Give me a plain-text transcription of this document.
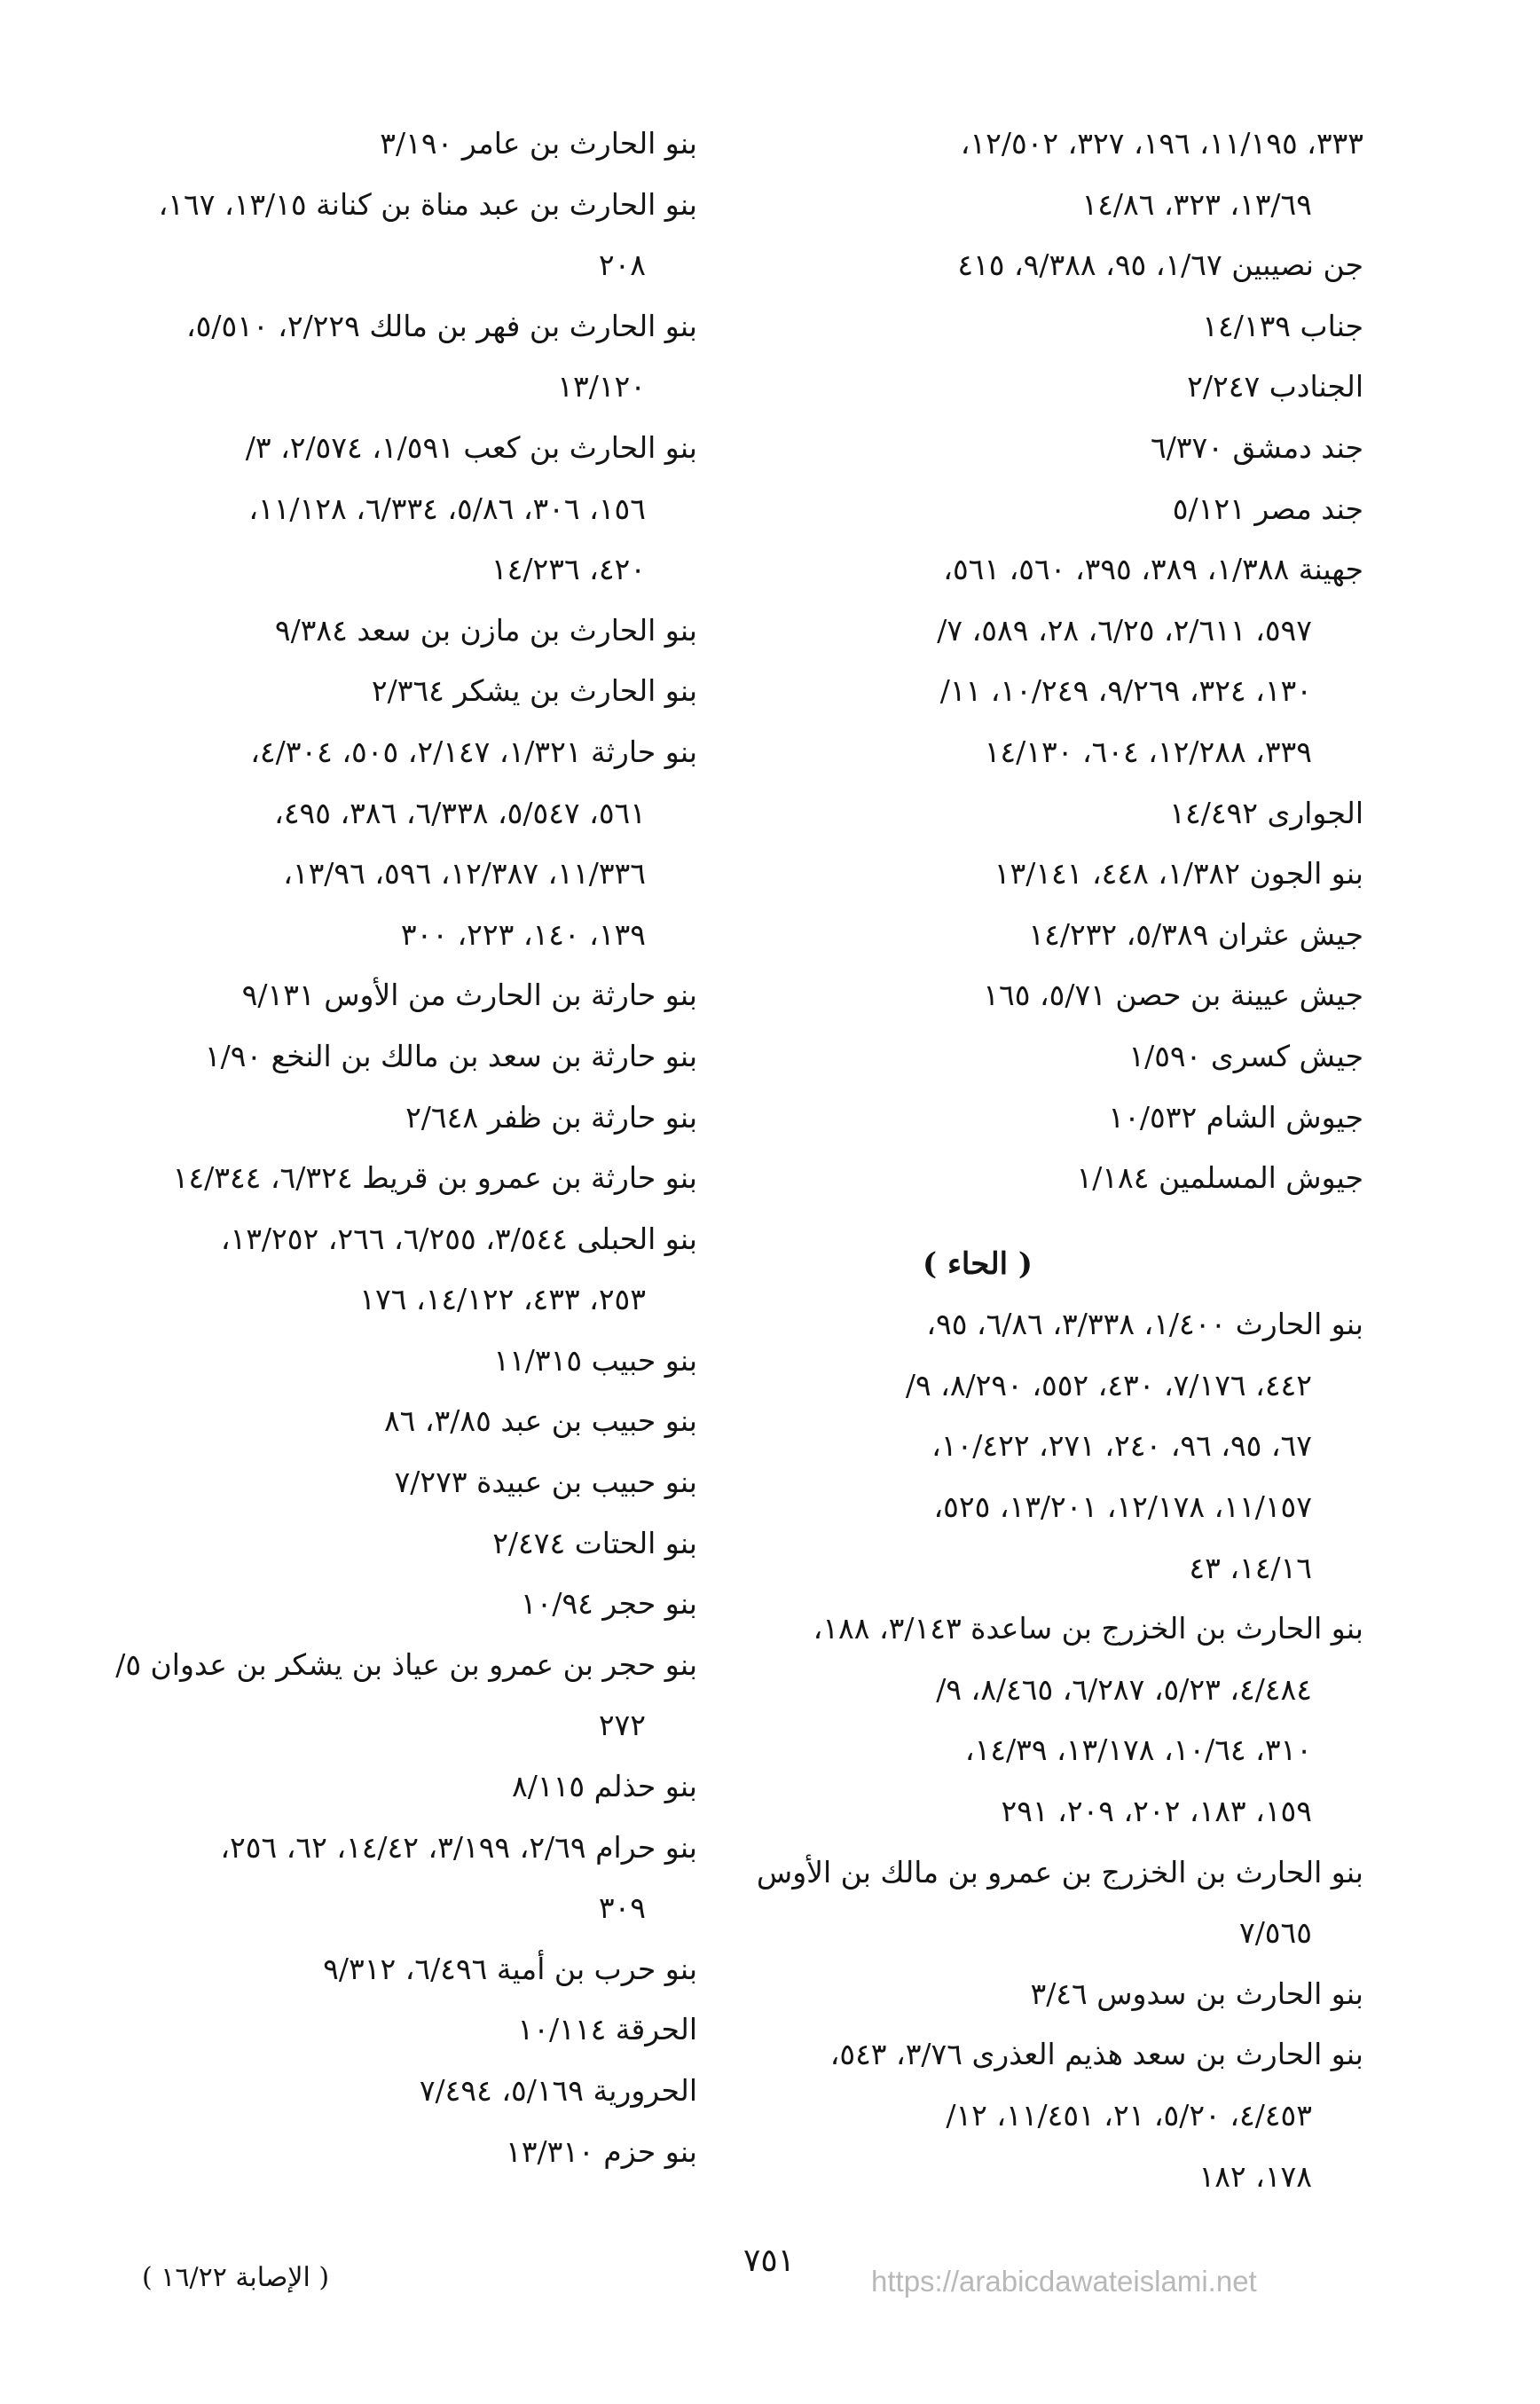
٣٣٣، ١١/١٩٥، ١٩٦، ٣٢٧، ١٢/٥٠٢،
١٣/٦٩، ٣٢٣، ١٤/٨٦
جن نصيبين ١/٦٧، ٩٥، ٩/٣٨٨، ٤١٥
جناب ١٤/١٣٩
الجنادب ٢/٢٤٧
جند دمشق ٦/٣٧٠
جند مصر ٥/١٢١
جهينة ١/٣٨٨، ٣٨٩، ٣٩٥، ٥٦٠، ٥٦١،
٥٩٧، ٢/٦١١، ٦/٢٥، ٢٨، ٥٨٩، ٧/
١٣٠، ٣٢٤، ٩/٢٦٩، ١٠/٢٤٩، ١١/
٣٣٩، ١٢/٢٨٨، ٦٠٤، ١٤/١٣٠
الجوارى ١٤/٤٩٢
بنو الجون ١/٣٨٢، ٤٤٨، ١٣/١٤١
جيش عثران ٥/٣٨٩، ١٤/٢٣٢
جيش عيينة بن حصن ٥/٧١، ١٦٥
جيش كسرى ١/٥٩٠
جيوش الشام ١٠/٥٣٢
جيوش المسلمين ١/١٨٤
( الحاء )
بنو الحارث ١/٤٠٠، ٣/٣٣٨، ٦/٨٦، ٩٥،
٤٤٢، ٧/١٧٦، ٤٣٠، ٥٥٢، ٨/٢٩٠، ٩/
٦٧، ٩٥، ٩٦، ٢٤٠، ٢٧١، ١٠/٤٢٢،
١١/١٥٧، ١٢/١٧٨، ١٣/٢٠١، ٥٢٥،
١٤/١٦، ٤٣
بنو الحارث بن الخزرج بن ساعدة ٣/١٤٣، ١٨٨،
٤/٤٨٤، ٥/٢٣، ٦/٢٨٧، ٨/٤٦٥، ٩/
٣١٠، ١٠/٦٤، ١٣/١٧٨، ١٤/٣٩،
١٥٩، ١٨٣، ٢٠٢، ٢٠٩، ٢٩١
بنو الحارث بن الخزرج بن عمرو بن مالك بن الأوس
٧/٥٦٥
بنو الحارث بن سدوس ٣/٤٦
بنو الحارث بن سعد هذيم العذرى ٣/٧٦، ٥٤٣،
٤/٤٥٣، ٥/٢٠، ٢١، ١١/٤٥١، ١٢/
١٧٨، ١٨٢
بنو الحارث بن عامر ٣/١٩٠
بنو الحارث بن عبد مناة بن كنانة ١٣/١٥، ١٦٧،
٢٠٨
بنو الحارث بن فهر بن مالك ٢/٢٢٩، ٥/٥١٠،
١٣/١٢٠
بنو الحارث بن كعب ١/٥٩١، ٢/٥٧٤، ٣/
١٥٦، ٣٠٦، ٥/٨٦، ٦/٣٣٤، ١١/١٢٨،
٤٢٠، ١٤/٢٣٦
بنو الحارث بن مازن بن سعد ٩/٣٨٤
بنو الحارث بن يشكر ٢/٣٦٤
بنو حارثة ١/٣٢١، ٢/١٤٧، ٥٠٥، ٤/٣٠٤،
٥٦١، ٥/٥٤٧، ٦/٣٣٨، ٣٨٦، ٤٩٥،
١١/٣٣٦، ١٢/٣٨٧، ٥٩٦، ١٣/٩٦،
١٣٩، ١٤٠، ٢٢٣، ٣٠٠
بنو حارثة بن الحارث من الأوس ٩/١٣١
بنو حارثة بن سعد بن مالك بن النخع ١/٩٠
بنو حارثة بن ظفر ٢/٦٤٨
بنو حارثة بن عمرو بن قريط ٦/٣٢٤، ١٤/٣٤٤
بنو الحبلى ٣/٥٤٤، ٦/٢٥٥، ٢٦٦، ١٣/٢٥٢،
٢٥٣، ٤٣٣، ١٤/١٢٢، ١٧٦
بنو حبيب ١١/٣١٥
بنو حبيب بن عبد ٣/٨٥، ٨٦
بنو حبيب بن عبيدة ٧/٢٧٣
بنو الحتات ٢/٤٧٤
بنو حجر ١٠/٩٤
بنو حجر بن عمرو بن عياذ بن يشكر بن عدوان ٥/
٢٧٢
بنو حذلم ٨/١١٥
بنو حرام ٢/٦٩، ٣/١٩٩، ١٤/٤٢، ٦٢، ٢٥٦،
٣٠٩
بنو حرب بن أمية ٦/٤٩٦، ٩/٣١٢
الحرقة ١٠/١١٤
الحرورية ٥/١٦٩، ٧/٤٩٤
بنو حزم ١٣/٣١٠
( الإصابة ١٦/٢٢ )	٧٥١
https://arabicdawateislami.net
